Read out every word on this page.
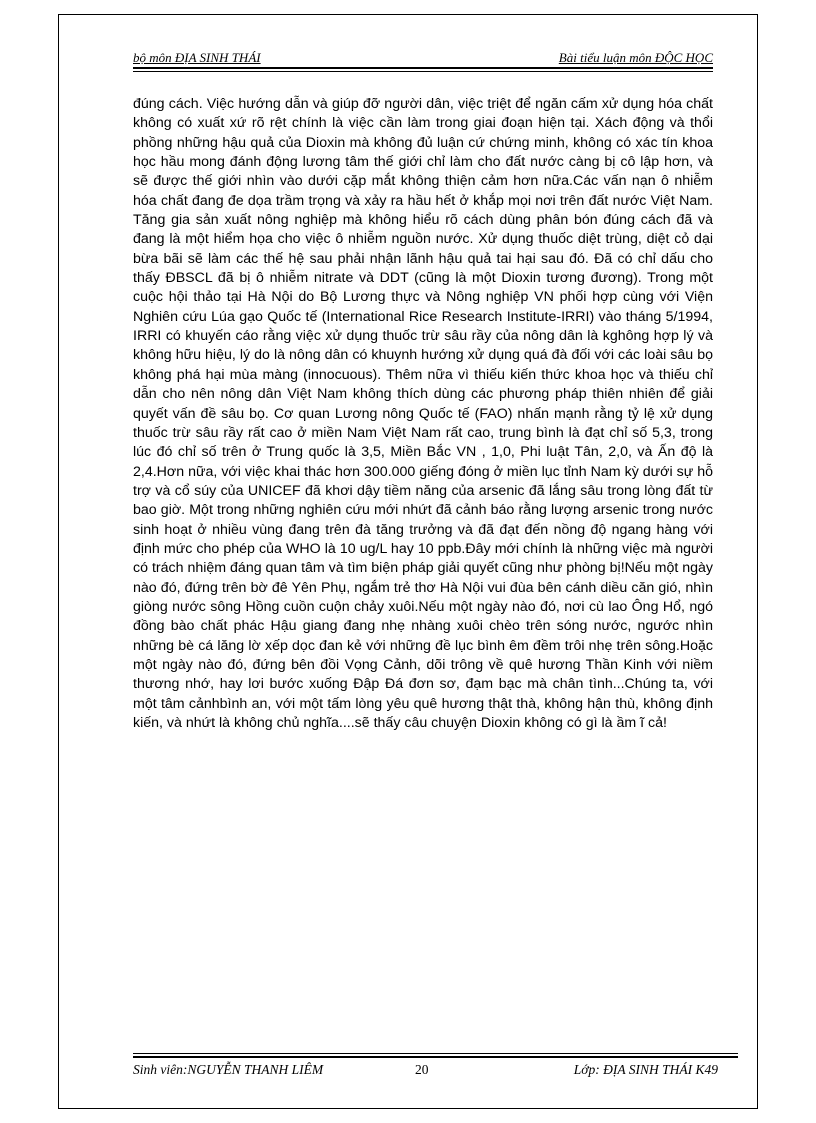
bộ môn ĐỊA SINH THÁI	Bài tiểu luận môn ĐỘC HỌC

đúng cách. Việc hướng dẫn và giúp đỡ người dân, việc triệt để ngăn cấm xử dụng hóa chất không có xuất xứ rõ rệt chính là việc cần làm trong giai đoạn hiện tại. Xách động và thổi phồng những hậu quả của Dioxin mà không đủ luận cứ chứng minh, không có xác tín khoa học hầu mong đánh động lương tâm thế giới chỉ làm cho đất nước càng bị cô lập hơn, và sẽ được thế giới nhìn vào dưới cặp mắt không thiện cảm hơn nữa.Các vấn nạn ô nhiễm hóa chất đang đe dọa trầm trọng và xảy ra hầu hết ở khắp mọi nơi trên đất nước Việt Nam. Tăng gia sản xuất nông nghiệp mà không hiểu rõ cách dùng phân bón đúng cách đã và đang là một hiểm họa cho việc ô nhiễm nguồn nước. Xử dụng thuốc diệt trùng, diệt cỏ dại bừa bãi sẽ làm các thế hệ sau phải nhận lãnh hậu quả tai hại sau đó. Đã có chỉ dấu cho thấy ĐBSCL đã bị ô nhiễm nitrate và DDT (cũng là một Dioxin tương đương). Trong một cuộc hội thảo tại Hà Nội do Bộ Lương thực và Nông nghiệp VN phối hợp cùng với Viện Nghiên cứu Lúa gạo Quốc tế (International Rice Research Institute-IRRI) vào tháng 5/1994, IRRI có khuyến cáo rằng việc xử dụng thuốc trừ sâu rầy của nông dân là kghông hợp lý và không hữu hiệu, lý do là nông dân có khuynh hướng xử dụng quá đà đối với các loài sâu bọ không phá hại mùa màng (innocuous). Thêm nữa vì thiếu kiến thức khoa học và thiếu chỉ dẫn cho nên nông dân Việt Nam không thích dùng các phương pháp thiên nhiên để giải quyết vấn đề sâu bọ. Cơ quan Lương nông Quốc tế (FAO) nhấn mạnh rằng tỷ lệ xử dụng thuốc trừ sâu rầy rất cao ở miền Nam Việt Nam rất cao, trung bình là đạt chỉ số 5,3, trong lúc đó chỉ số trên ở Trung quốc là 3,5, Miền Bắc VN , 1,0, Phi luật Tân, 2,0, và Ấn độ là 2,4.Hơn nữa, với việc khai thác hơn 300.000 giếng đóng ở miền lục tỉnh Nam kỳ dưới sự hỗ trợ và cổ súy của UNICEF đã khơi dậy tiềm năng của arsenic đã lắng sâu trong lòng đất từ bao giờ. Một trong những nghiên cứu mới nhứt đã cảnh báo rằng lượng arsenic trong nước sinh hoạt ở nhiều vùng đang trên đà tăng trưởng và đã đạt đến nồng độ ngang hàng với định mức cho phép của WHO là 10 ug/L hay 10 ppb.Đây mới chính là những việc mà người có trách nhiệm đáng quan tâm và tìm biện pháp giải quyết cũng như phòng bị!Nếu một ngày nào đó, đứng trên bờ đê Yên Phụ, ngắm trẻ thơ Hà Nội vui đùa bên cánh diều căn gió, nhìn giòng nước sông Hồng cuồn cuộn chảy xuôi.Nếu một ngày nào đó, nơi cù lao Ông Hổ, ngó đồng bào chất phác Hậu giang đang nhẹ nhàng xuôi chèo trên sóng nước, ngước nhìn những bè cá lăng lờ xếp dọc đan kẻ với những đề lục bình êm đềm trôi nhẹ trên sông.Hoặc một ngày nào đó, đứng bên đồi Vọng Cảnh, dõi trông về quê hương Thần Kinh với niềm thương nhớ, hay lơi bước xuống Đập Đá đơn sơ, đạm bạc mà chân tình...Chúng ta, với một tâm cảnhbình an, với một tấm lòng yêu quê hương thật thà, không hận thù, không định kiến, và nhứt là không chủ nghĩa....sẽ thấy câu chuyện Dioxin không có gì là ầm ĩ cả!

Sinh viên:NGUYỄN THANH LIÊM	20	Lớp: ĐỊA SINH THÁI K49
